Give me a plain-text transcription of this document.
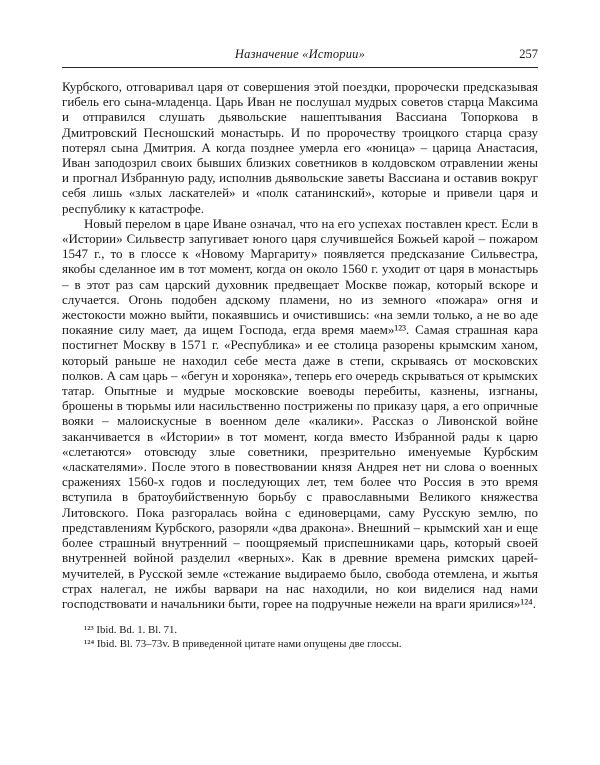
Назначение «Истории»	257

Курбского, отговаривал царя от совершения этой поездки, пророчески предсказывая гибель его сына-младенца. Царь Иван не послушал мудрых советов старца Максима и отправился слушать дьявольские нашептывания Вассиана Топоркова в Дмитровский Песношский монастырь. И по пророчеству троицкого старца сразу потерял сына Дмитрия. А когда позднее умерла его «юница» – царица Анастасия, Иван заподозрил своих бывших близких советников в колдовском отравлении жены и прогнал Избранную раду, исполнив дьявольские заветы Вассиана и оставив вокруг себя лишь «злых ласкателей» и «полк сатанинский», которые и привели царя и республику к катастрофе.

Новый перелом в царе Иване означал, что на его успехах поставлен крест. Если в «Истории» Сильвестр запугивает юного царя случившейся Божьей карой – пожаром 1547 г., то в глоссе к «Новому Маргариту» появляется предсказание Сильвестра, якобы сделанное им в тот момент, когда он около 1560 г. уходит от царя в монастырь – в этот раз сам царский духовник предвещает Москве пожар, который вскоре и случается. Огонь подобен адскому пламени, но из земного «пожара» огня и жестокости можно выйти, покаявшись и очистившись: «на земли только, а не во аде покаяние силу мает, да ищем Господа, егда время маем»¹²³. Самая страшная кара постигнет Москву в 1571 г. «Республика» и ее столица разорены крымским ханом, который раньше не находил себе места даже в степи, скрываясь от московских полков. А сам царь – «бегун и хороняка», теперь его очередь скрываться от крымских татар. Опытные и мудрые московские воеводы перебиты, казнены, изгнаны, брошены в тюрьмы или насильственно пострижены по приказу царя, а его опричные вояки – малоискусные в военном деле «калики». Рассказ о Ливонской войне заканчивается в «Истории» в тот момент, когда вместо Избранной рады к царю «слетаются» отовсюду злые советники, презрительно именуемые Курбским «ласкателями». После этого в повествовании князя Андрея нет ни слова о военных сражениях 1560-х годов и последующих лет, тем более что Россия в это время вступила в братоубийственную борьбу с православными Великого княжества Литовского. Пока разгоралась война с единоверцами, саму Русскую землю, по представлениям Курбского, разоряли «два дракона». Внешний – крымский хан и еще более страшный внутренний – поощряемый приспешниками царь, который своей внутренней войной разделил «верных». Как в древние времена римских царей-мучителей, в Русской земле «стежание выдираемо было, свобода отемлена, и жытья страх налегал, не ижбы варвари на нас находили, но кои виделися над нами господствовати и начальники быти, горее на подручные нежели на враги ярилися»¹²⁴.

¹²³ Ibid. Bd. 1. Bl. 71.

¹²⁴ Ibid. Bl. 73–73v. В приведенной цитате нами опущены две глоссы.
